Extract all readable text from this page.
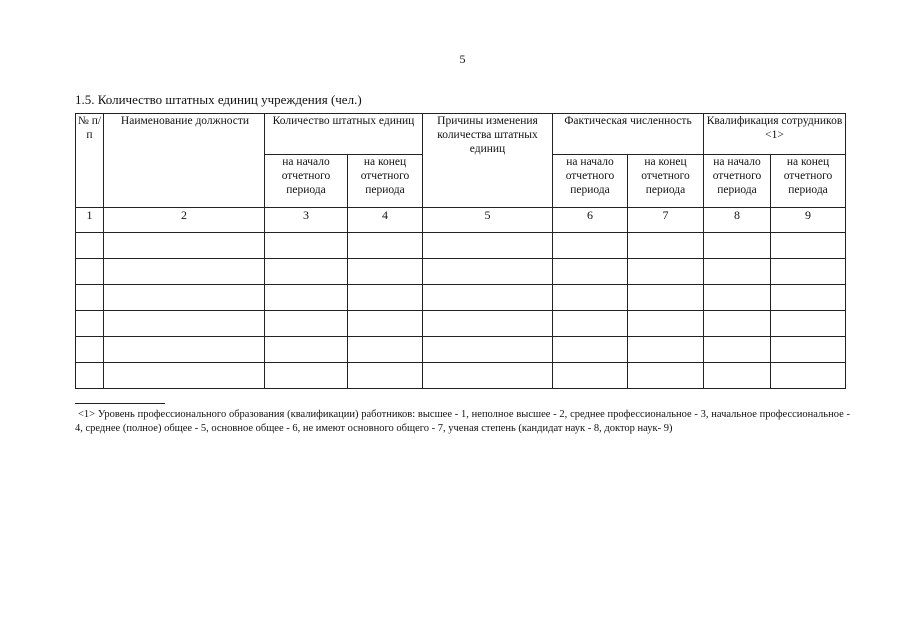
5
1.5. Количество штатных единиц учреждения (чел.)
№ п/п	Наименование должности	Количество штатных единиц		Причины изменения количества штатных единиц	Фактическая численность		Квалификация сотрудников <1>	
		на начало отчетного периода	на конец отчетного периода		на начало отчетного периода	на конец отчетного периода	на начало отчетного периода	на конец отчетного периода
1	2	3	4	5	6	7	8	9

<1> Уровень профессионального образования (квалификации) работников: высшее - 1, неполное высшее - 2, среднее профессиональное - 3, начальное профессиональное - 4, среднее (полное) общее - 5, основное общее - 6, не имеют основного общего - 7, ученая степень (кандидат наук - 8, доктор наук- 9)
